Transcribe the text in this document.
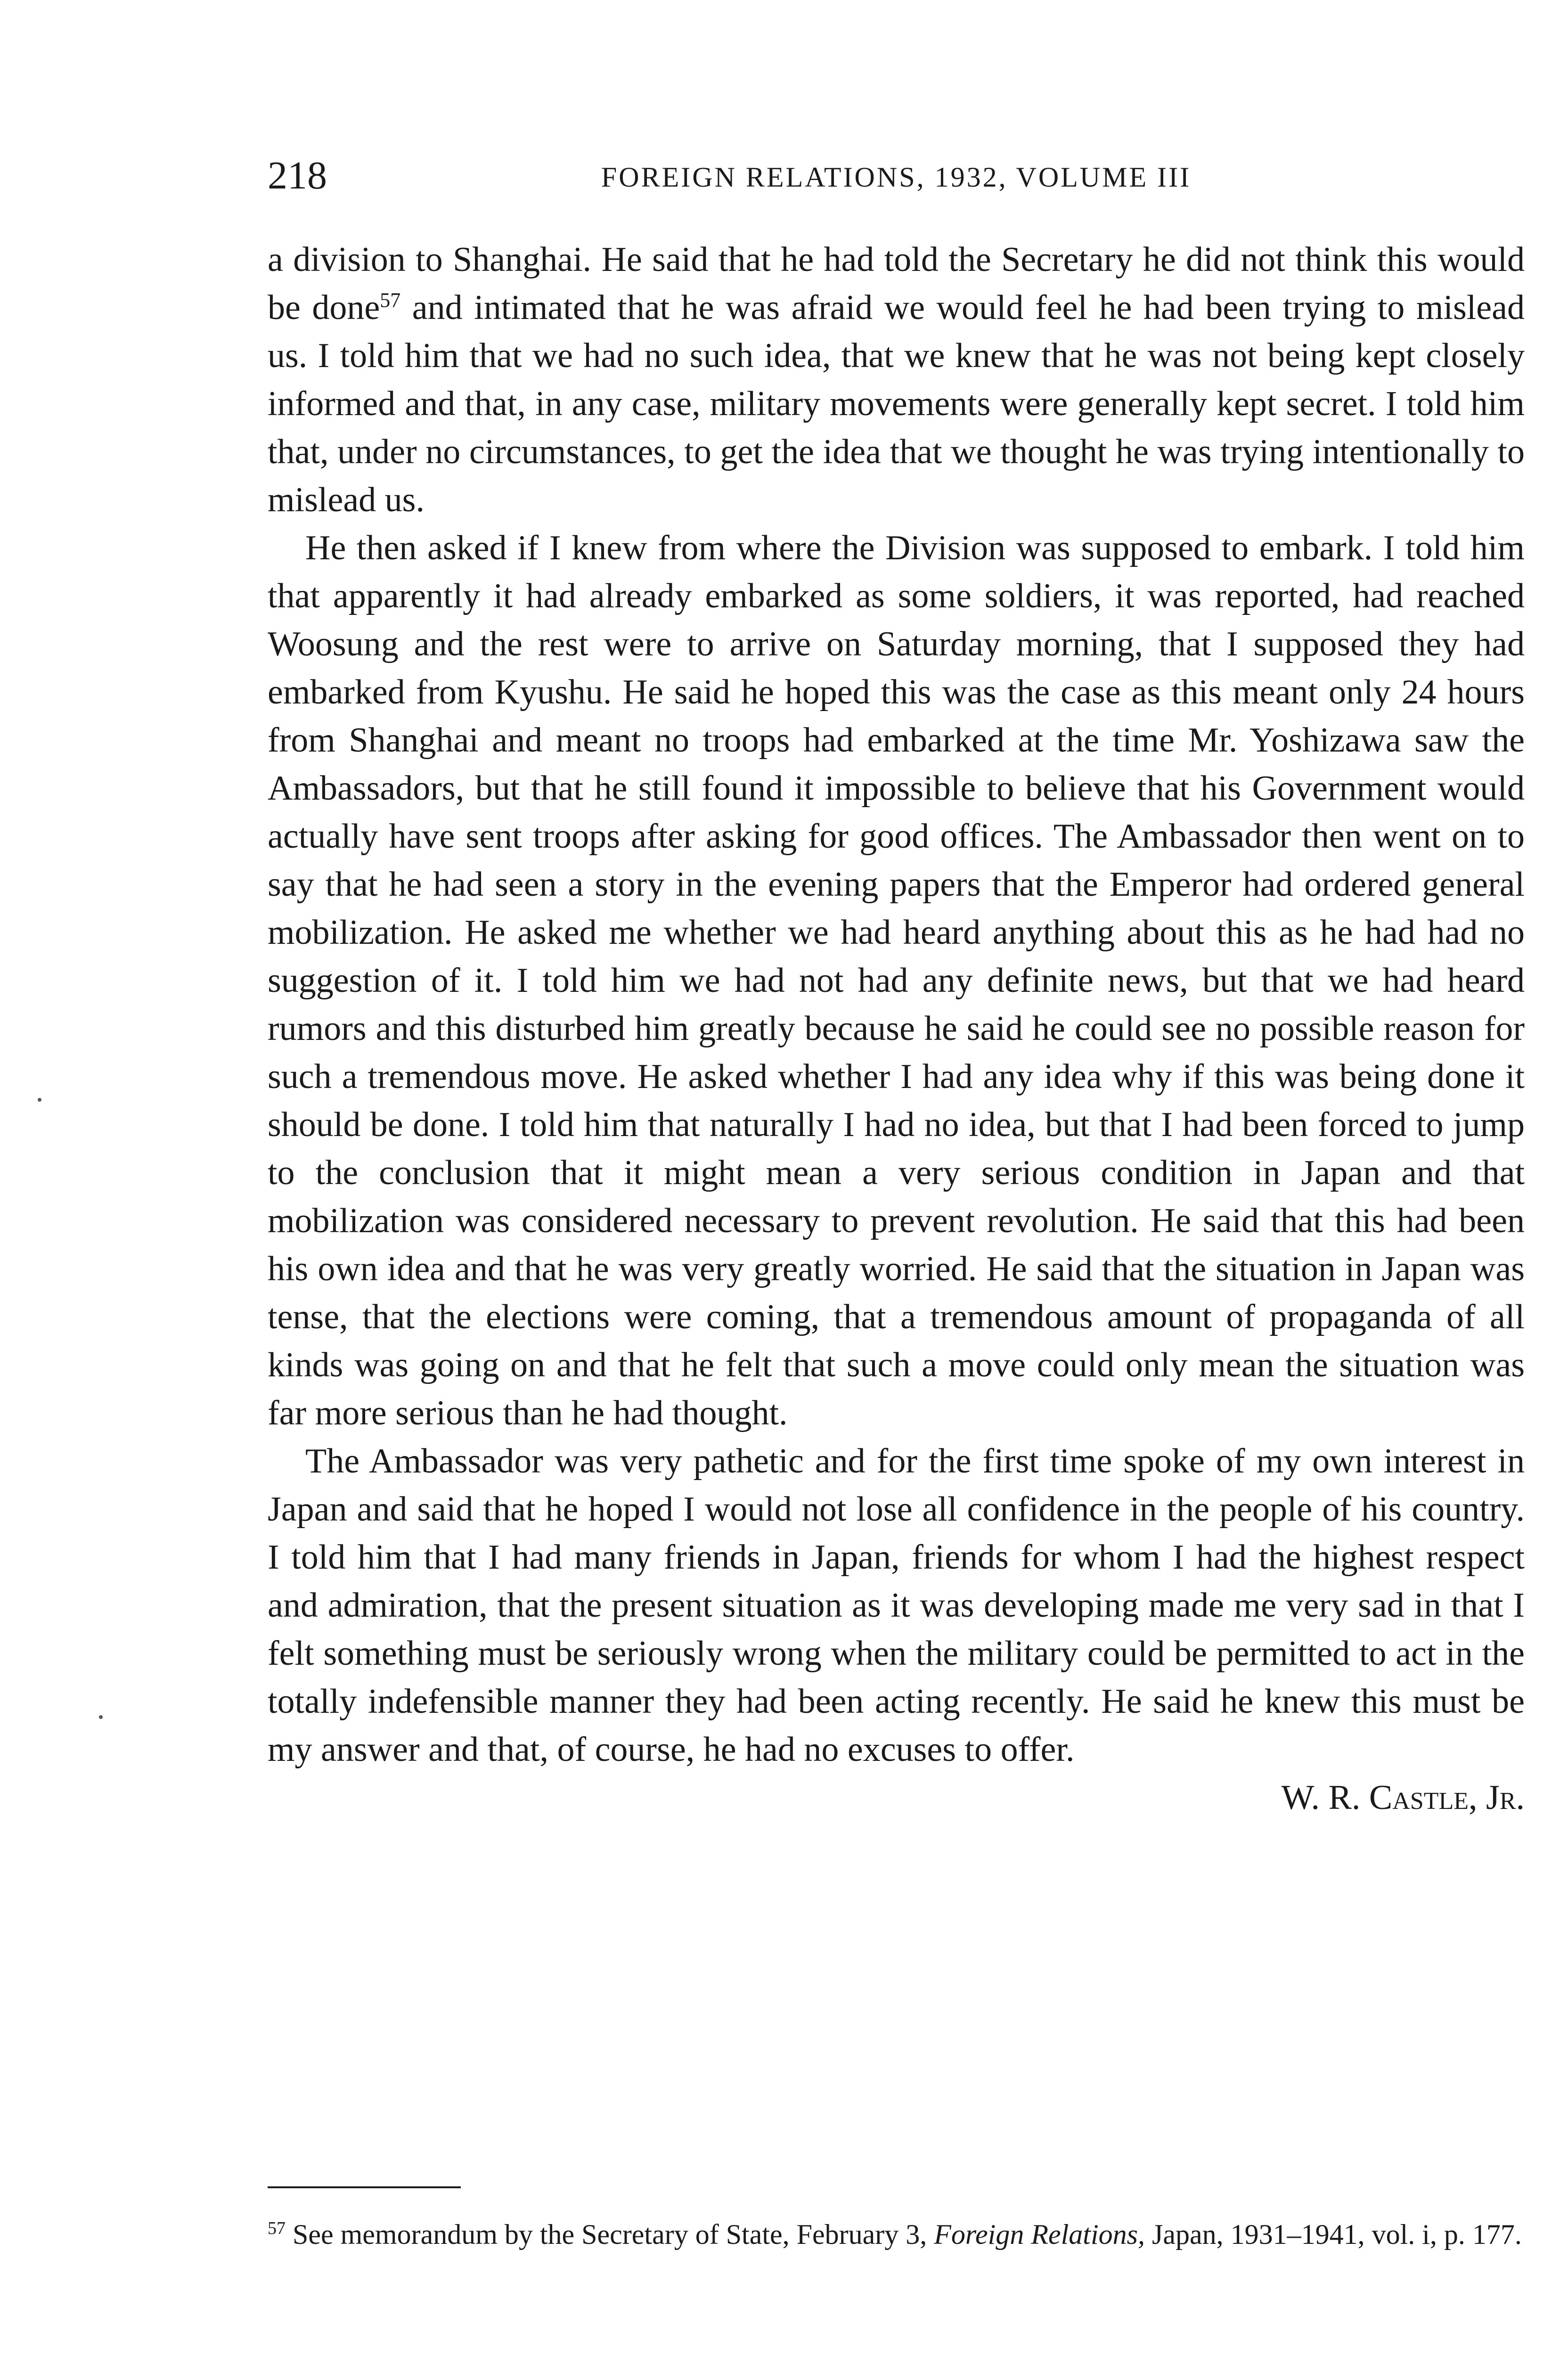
218	FOREIGN RELATIONS, 1932, VOLUME III

a division to Shanghai. He said that he had told the Secretary he did not think this would be done$^{57}$ and intimated that he was afraid we would feel he had been trying to mislead us. I told him that we had no such idea, that we knew that he was not being kept closely informed and that, in any case, military movements were generally kept secret. I told him that, under no circumstances, to get the idea that we thought he was trying intentionally to mislead us.

He then asked if I knew from where the Division was supposed to embark. I told him that apparently it had already embarked as some soldiers, it was reported, had reached Woosung and the rest were to arrive on Saturday morning, that I supposed they had embarked from Kyushu. He said he hoped this was the case as this meant only 24 hours from Shanghai and meant no troops had embarked at the time Mr. Yoshizawa saw the Ambassadors, but that he still found it impossible to believe that his Government would actually have sent troops after asking for good offices. The Ambassador then went on to say that he had seen a story in the evening papers that the Emperor had ordered general mobilization. He asked me whether we had heard anything about this as he had had no suggestion of it. I told him we had not had any definite news, but that we had heard rumors and this disturbed him greatly because he said he could see no possible reason for such a tremendous move. He asked whether I had any idea why if this was being done it should be done. I told him that naturally I had no idea, but that I had been forced to jump to the conclusion that it might mean a very serious condition in Japan and that mobilization was considered necessary to prevent revolution. He said that this had been his own idea and that he was very greatly worried. He said that the situation in Japan was tense, that the elections were coming, that a tremendous amount of propaganda of all kinds was going on and that he felt that such a move could only mean the situation was far more serious than he had thought.

The Ambassador was very pathetic and for the first time spoke of my own interest in Japan and said that he hoped I would not lose all confidence in the people of his country. I told him that I had many friends in Japan, friends for whom I had the highest respect and admiration, that the present situation as it was developing made me very sad in that I felt something must be seriously wrong when the military could be permitted to act in the totally indefensible manner they had been acting recently. He said he knew this must be my answer and that, of course, he had no excuses to offer.

W. R. Castle, Jr.
$^{57}$ See memorandum by the Secretary of State, February 3, Foreign Relations, Japan, 1931–1941, vol. i, p. 177.
